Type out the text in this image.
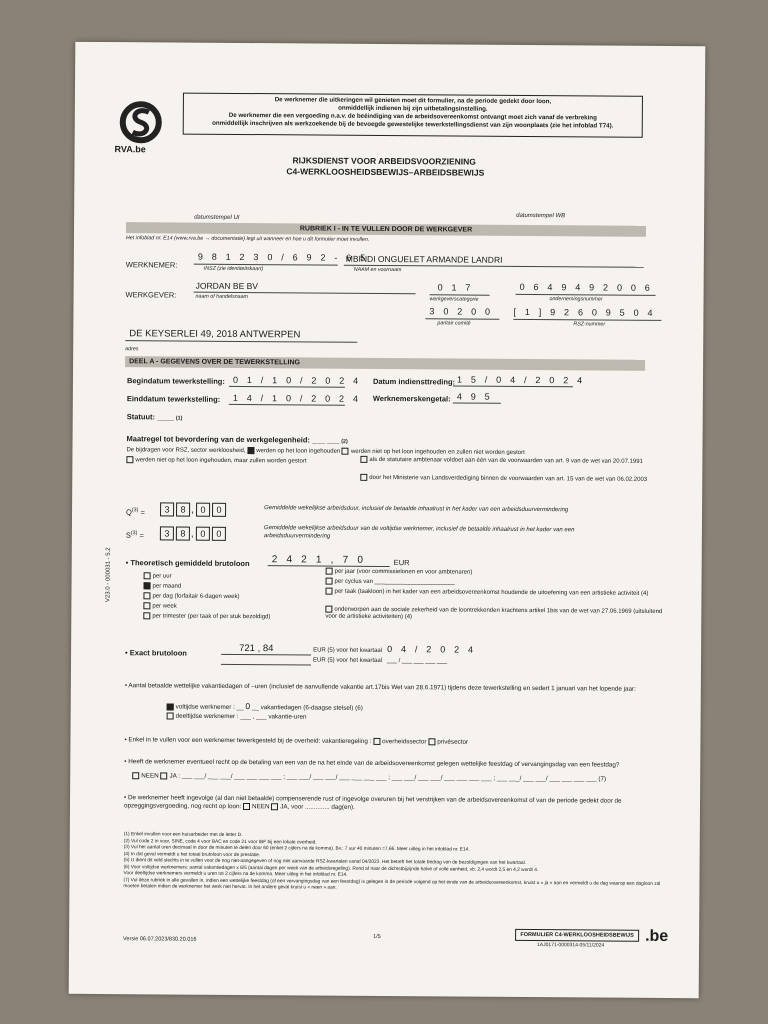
De werknemer die uitkeringen wil genieten moet dit formulier, na de periode gedekt door loon,
onmiddellijk indienen bij zijn uitbetalingsinstelling.
De werknemer die een vergoeding n.a.v. de beëindiging van de arbeidsovereenkomst ontvangt moet zich vanaf de verbreking
onmiddellijk inschrijven als werkzoekende bij de bevoegde gewestelijke tewerkstellingsdienst van zijn woonplaats (zie het infoblad T74).
RVA.be
RIJKSDIENST VOOR ARBEIDSVOORZIENING
C4-WERKLOOSHEIDSBEWIJS–ARBEIDSBEWIJS
datumstempel UI	datumstempel WB
RUBRIEK I - IN TE VULLEN DOOR DE WERKGEVER
Het infoblad nr. E14 (www.rva.be → documentatie) legt uit wanneer en hoe u dit formulier moet invullen.
WERKNEMER:
9 8 1 2 3 0 / 6 9 2 - 6 5
INSZ (zie identiteitskaart)
MBINDI ONGUELET ARMANDE LANDRI
NAAM en voornaam
WERKGEVER:
JORDAN BE BV
naam of handelsnaam
0 1 7
werkgeverscategorie
0 6 4 9 4 9 2 0 0 6
ondernemingsnummer
3 0 2 0 0
paritair comité
[ 1 ] 9 2 6 0 9 5 0 4
RSZ-nummer
DE KEYSERLEI 49, 2018 ANTWERPEN
adres
DEEL A - GEGEVENS OVER DE TEWERKSTELLING
Begindatum tewerkstelling: 0 1 / 1 0 / 2 0 2 4
Einddatum tewerkstelling: 1 4 / 1 0 / 2 0 2 4
Statuut: ____ (1)
Datum indiensttreding: 1 5 / 0 4 / 2 0 2 4
Werknemerskengetal: 4 9 5
Maatregel tot bevordering van de werkgelegenheid: ___ ___ (2)
De bijdragen voor RSZ, sector werkloosheid, werden op het loon ingehouden werden niet op het loon ingehouden en zullen niet worden gestort
werden niet op het loon ingehouden, maar zullen worden gestort	als de statutaire ambtenaar voldoet aan één van de voorwaarden van art. 9 van de wet van 20.07.1991
door het Ministerie van Landsverdediging binnen de voorwaarden van art. 15 van de wet van 06.02.2003
$Q^{(3)}$ =	3	8 , 0	0	Gemiddelde wekelijkse arbeidsduur, inclusief de betaalde inhaalrust in het kader van een arbeidsduurvermindering
$S^{(3)}$ =	3	8 , 0	0	Gemiddelde wekelijkse arbeidsduur van de voltijdse werknemer, inclusief de betaalde inhaalrust in het kader van een
arbeidsduurvermindering
V23.0 - 000031 - 5.2 • Theoretisch gemiddeld brutoloon 2 4 2 1 , 7 0	EUR
per uur
per maand
per dag (forfaitair 6-dagen week)
per week
per trimester (per taak of per stuk bezoldigd)
per jaar (voor commissielonen en voor ambtenaren)
per cyclus van ________________________
per taak (taakloon) in het kader van een arbeidsovereenkomst houdende de uitoefening van een artistieke activiteit (4)
onderworpen aan de sociale zekerheid van de loontrekkenden krachtens artikel 1bis van de wet van 27.06.1969 (uitsluitend voor de artistieke activiteiten) (4)
• Exact brutoloon	721 , 84	EUR (5) voor het kwartaal 0 4 / 2 0 2 4
EUR (5) voor het kwartaal ___ / ___ ___ ___ ___
• Aantal betaalde wettelijke vakantiedagen of –uren (inclusief de aanvullende vakantie art.17bis Wet van 28.6.1971) tijdens deze tewerkstelling en sedert 1 januari van het lopende jaar:
voltijdse werknemer : __ 0 __ vakantiedagen (6-daagse stelsel) (6)
deeltijdse werknemer : ___ , ___ vakantie-uren
• Enkel in te vullen voor een werknemer tewerkgesteld bij de overheid: vakantieregeling : overheidssector privésector
• Heeft de werknemer eventueel recht op de betaling van een van de na het einde van de arbeidsovereenkomst gelegen wettelijke feestdag of vervangingsdag van een feestdag?
NEEN JA : ___ ___/ ___ ___/ ___ ___ ___ ___ ; ___ ___/ ___ ___/ ___ ___ ___ ___ ; ___ ___/ ___ ___/ ___ ___ ___ ___ ; ___ ___/ ___ ___/ ___ ___ ___ ___ (7)
• De werknemer heeft ingevolge (al dan niet betaalde) compenserende rust of ingevolge overuren bij het verstrijken van de arbeidsovereenkomst of van de periode gedekt door de opzeggingsvergoeding, nog recht op loon: NEEN JA, voor .............. dag(en).
(1) Enkel invullen voor een huisarbeider met de letter D.
(2) Vul code 2 in voor, SINE, code 4 voor BAC en code 21 voor IBF bij een lokale overheid.
(3) Vul het aantal uren decimaal in door de minuten te delen door 60 (enkel 2 cijfers na de komma). Bv.: 7 uur 40 minuten =7,66. Meer uitleg in het infoblad nr. E14.
(4) In dat geval vermeldt u het totaal brutoloon voor de prestatie.
(5) U dient dit veld slechts in te vullen voor de nog niet-aangegeven of nog niet aanvaarde RSZ-kwartalen vanaf 04/2023. Het betreft het totale bedrag van de bezoldigingen van het kwartaal.
(6) Voor voltijdse werknemers: aantal vakantiedagen x 6/5 (aantal dagen per week van de arbeidsregeling). Rond af naar de dichtstbijzijnde halve of volle eenheid, vb. 2,4 wordt 2,5 en 4,2 wordt 4.
Voor deeltijdse werknemers vermeldt u uren tot 2 cijfers na de komma. Meer uitleg in het infoblad nr. E14.
(7) Vul deze rubriek in alle gevallen in, indien een wettelijke feestdag (of een vervangingsdag van een feestdag) is gelegen in de periode volgend op het einde van de arbeidsovereenkomst, kruist u « ja » aan en vermeldt u de dag waarop een dagloon zal moeten betalen indien de werknemer het werk niet hervat. In het andere geval kruist u « neen » aan.
Versie 06.07.2023/830.20.016	1/5	FORMULIER C4-WERKLOOSHEIDSBEWIJS
1AJ0171-0000314-05/11/2024
.be
